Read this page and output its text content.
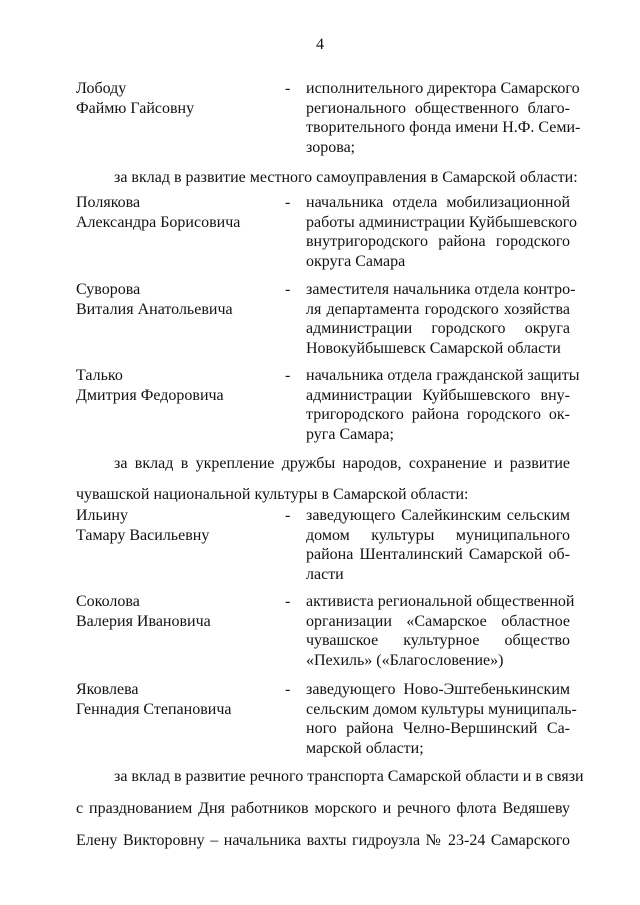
4
Лободу
Файмю Гайсовну
- исполнительного директора Самарского
регионального общественного благо-
творительного фонда имени Н.Ф. Семи-
зорова;
за вклад в развитие местного самоуправления в Самарской области:
Полякова
Александра Борисовича
- начальника отдела мобилизационной
работы администрации Куйбышевского
внутригородского района городского
округа Самара
Суворова
Виталия Анатольевича
- заместителя начальника отдела контро-
ля департамента городского хозяйства
администрации городского округа
Новокуйбышевск Самарской области
Талько
Дмитрия Федоровича
- начальника отдела гражданской защиты
администрации Куйбышевского вну-
тригородского района городского ок-
руга Самара;
за вклад в укрепление дружбы народов, сохранение и развитие
чувашской национальной культуры в Самарской области:
Ильину
Тамару Васильевну
- заведующего Салейкинским сельским
домом культуры муниципального
района Шенталинский Самарской об-
ласти
Соколова
Валерия Ивановича
- активиста региональной общественной
организации «Самарское областное
чувашское культурное общество
«Пехиль» («Благословение»)
Яковлева
Геннадия Степановича
- заведующего Ново-Эштебенькинским
сельским домом культуры муниципаль-
ного района Челно-Вершинский Са-
марской области;
за вклад в развитие речного транспорта Самарской области и в связи
с празднованием Дня работников морского и речного флота Ведяшеву
Елену Викторовну – начальника вахты гидроузла № 23-24 Самарского
